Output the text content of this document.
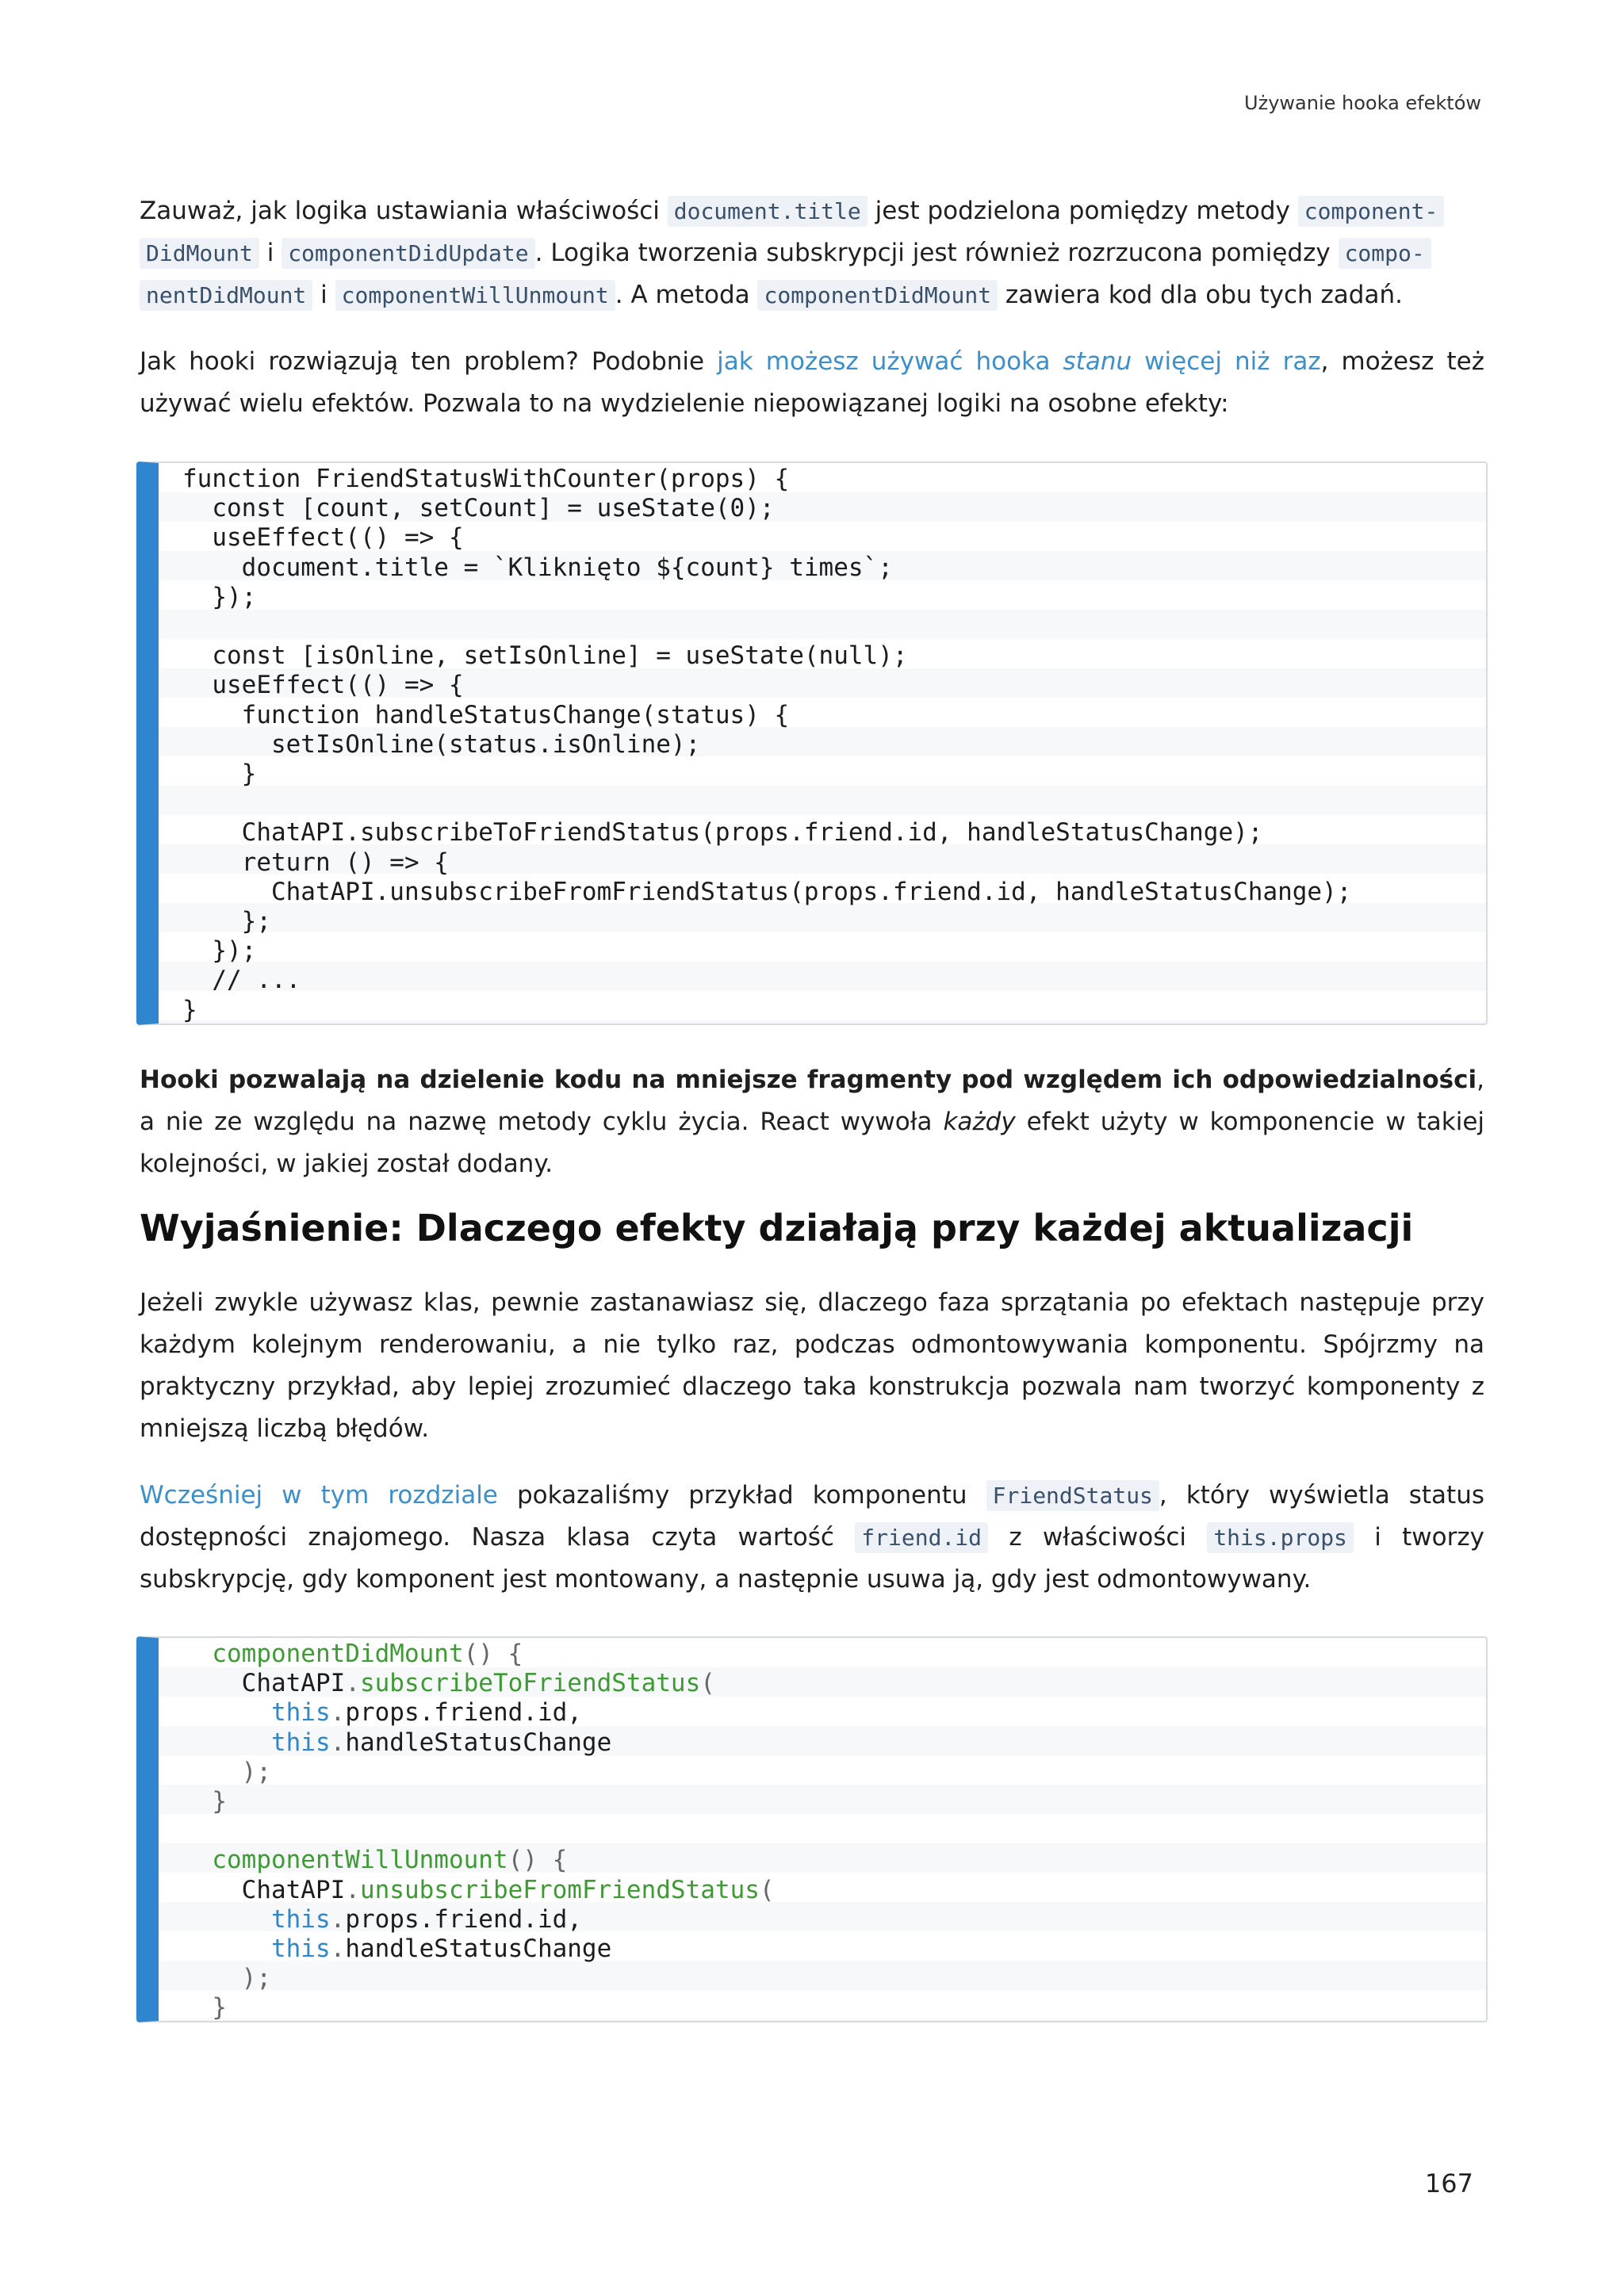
Używanie hooka efektów

Zauważ, jak logika ustawiania właściwości document.title jest podzielona pomiędzy metody component-
DidMount i componentDidUpdate . Logika tworzenia subskrypcji jest również rozrzucona pomiędzy compo-
nentDidMount i componentWillUnmount . A metoda componentDidMount zawiera kod dla obu tych zadań.

Jak hooki rozwiązują ten problem? Podobnie jak możesz używać hooka stanu więcej niż raz, możesz też używać wielu efektów. Pozwala to na wydzielenie niepowiązanej logiki na osobne efekty:

function FriendStatusWithCounter(props) {
const [count, setCount] = useState(0);
useEffect(() => {
document.title = `Kliknięto ${count} times`;
});

const [isOnline, setIsOnline] = useState(null);
useEffect(() => {
function handleStatusChange(status) {
setIsOnline(status.isOnline);
}

ChatAPI.subscribeToFriendStatus(props.friend.id, handleStatusChange);
return () => {
ChatAPI.unsubscribeFromFriendStatus(props.friend.id, handleStatusChange);
};
});
// ...
}

Hooki pozwalają na dzielenie kodu na mniejsze fragmenty pod względem ich odpowiedzialności, a nie ze względu na nazwę metody cyklu życia. React wywoła każdy efekt użyty w komponencie w takiej kolejności, w jakiej został dodany.

Wyjaśnienie: Dlaczego efekty działają przy każdej aktualizacji

Jeżeli zwykle używasz klas, pewnie zastanawiasz się, dlaczego faza sprzątania po efektach następuje przy każdym kolejnym renderowaniu, a nie tylko raz, podczas odmontowywania komponentu. Spójrzmy na praktyczny przykład, aby lepiej zrozumieć dlaczego taka konstrukcja pozwala nam tworzyć komponenty z mniejszą liczbą błędów.

Wcześniej w tym rozdziale pokazaliśmy przykład komponentu FriendStatus , który wyświetla status dostępności znajomego. Nasza klasa czyta wartość friend.id z właściwości this.props i tworzy subskrypcję, gdy komponent jest montowany, a następnie usuwa ją, gdy jest odmontowywany.

componentDidMount() {
ChatAPI.subscribeToFriendStatus(
this.props.friend.id,
this.handleStatusChange
);
}

componentWillUnmount() {
ChatAPI.unsubscribeFromFriendStatus(
this.props.friend.id,
this.handleStatusChange
);
}
167
